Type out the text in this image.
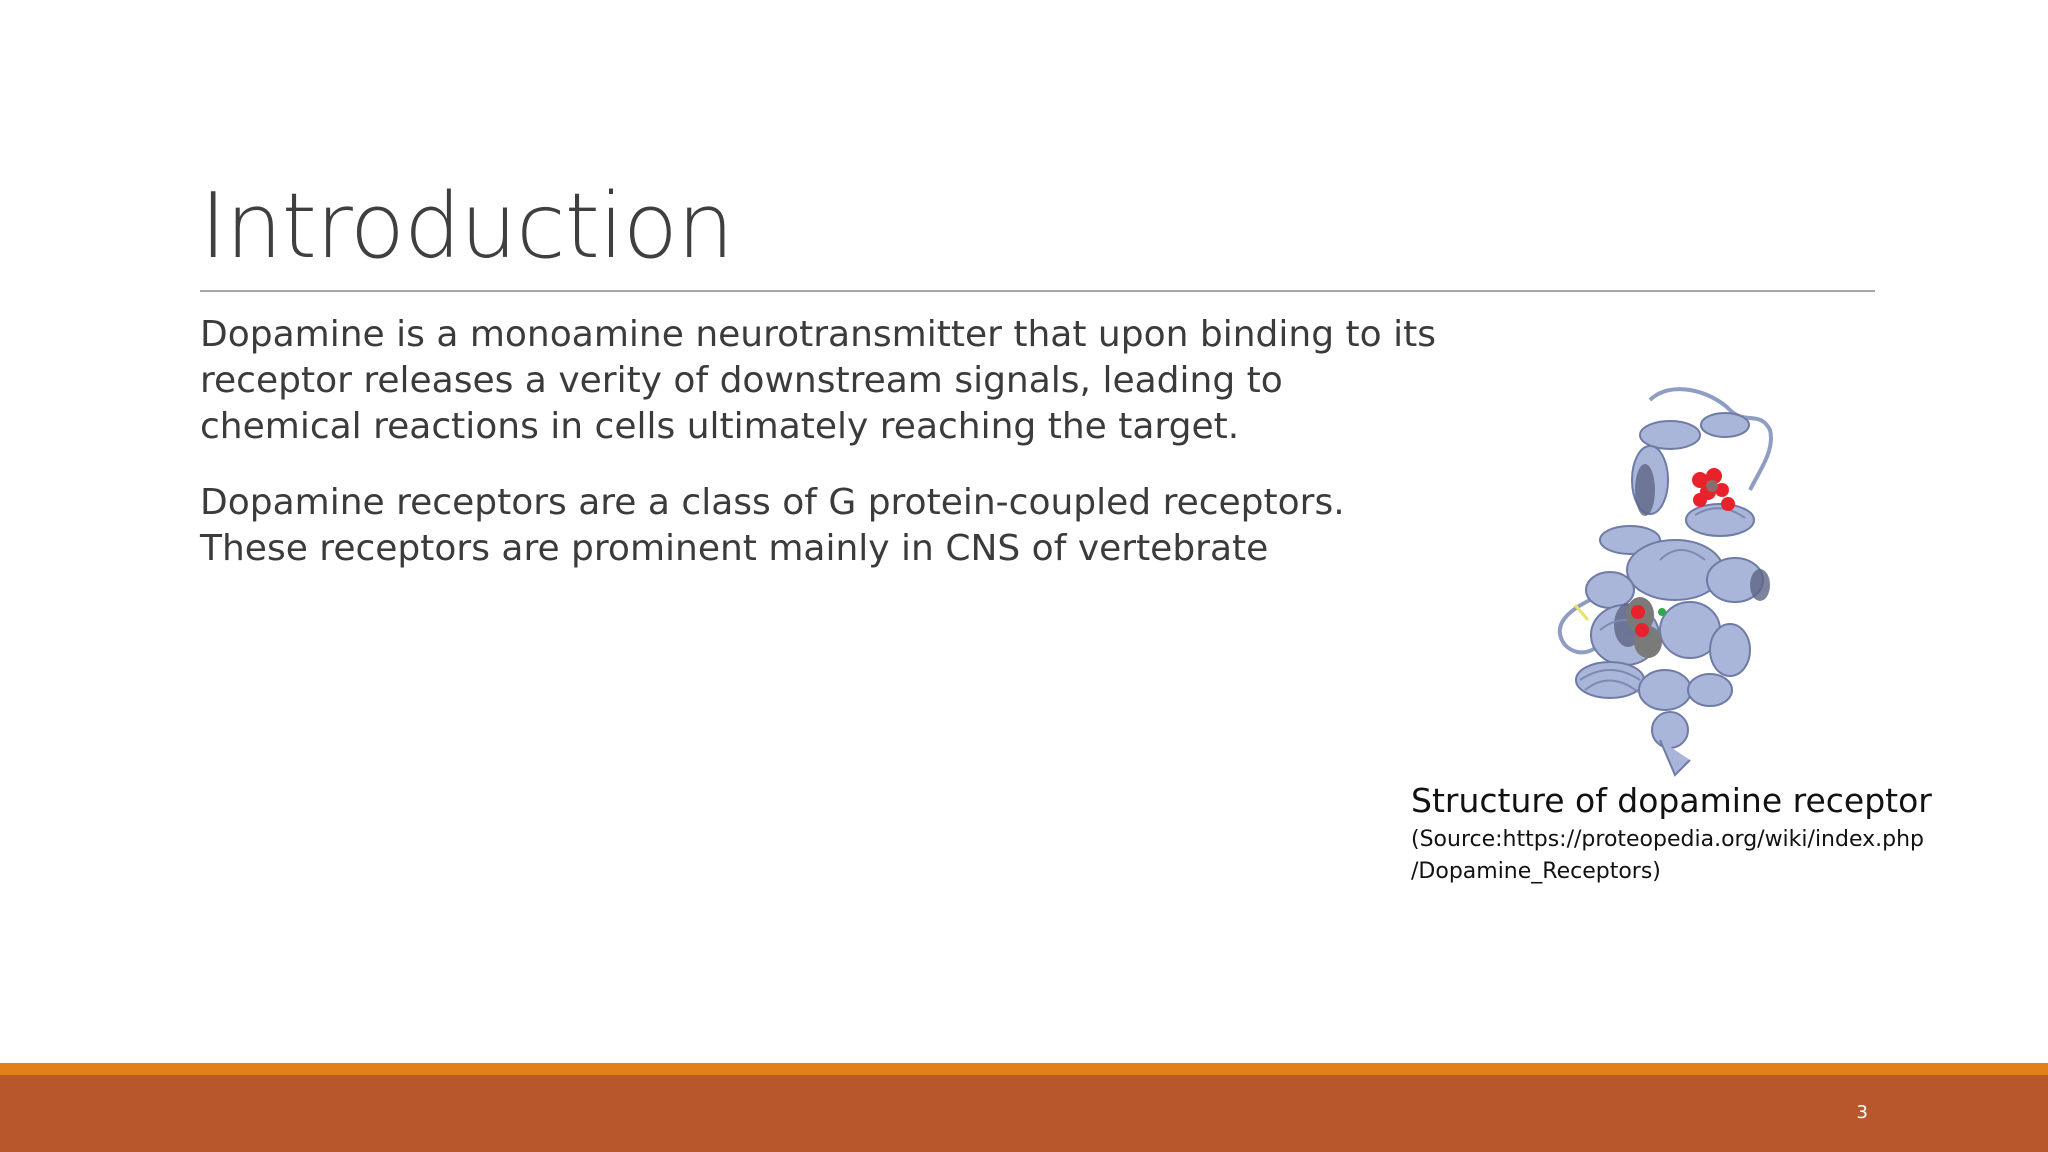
Introduction

Dopamine is a monoamine neurotransmitter that upon binding to its
receptor releases a verity of downstream signals, leading to
chemical reactions in cells ultimately reaching the target.

Dopamine receptors are a class of G protein-coupled receptors.
These receptors are prominent mainly in CNS of vertebrate

Structure of dopamine receptor
(Source:https://proteopedia.org/wiki/index.php
/Dopamine_Receptors)
3
